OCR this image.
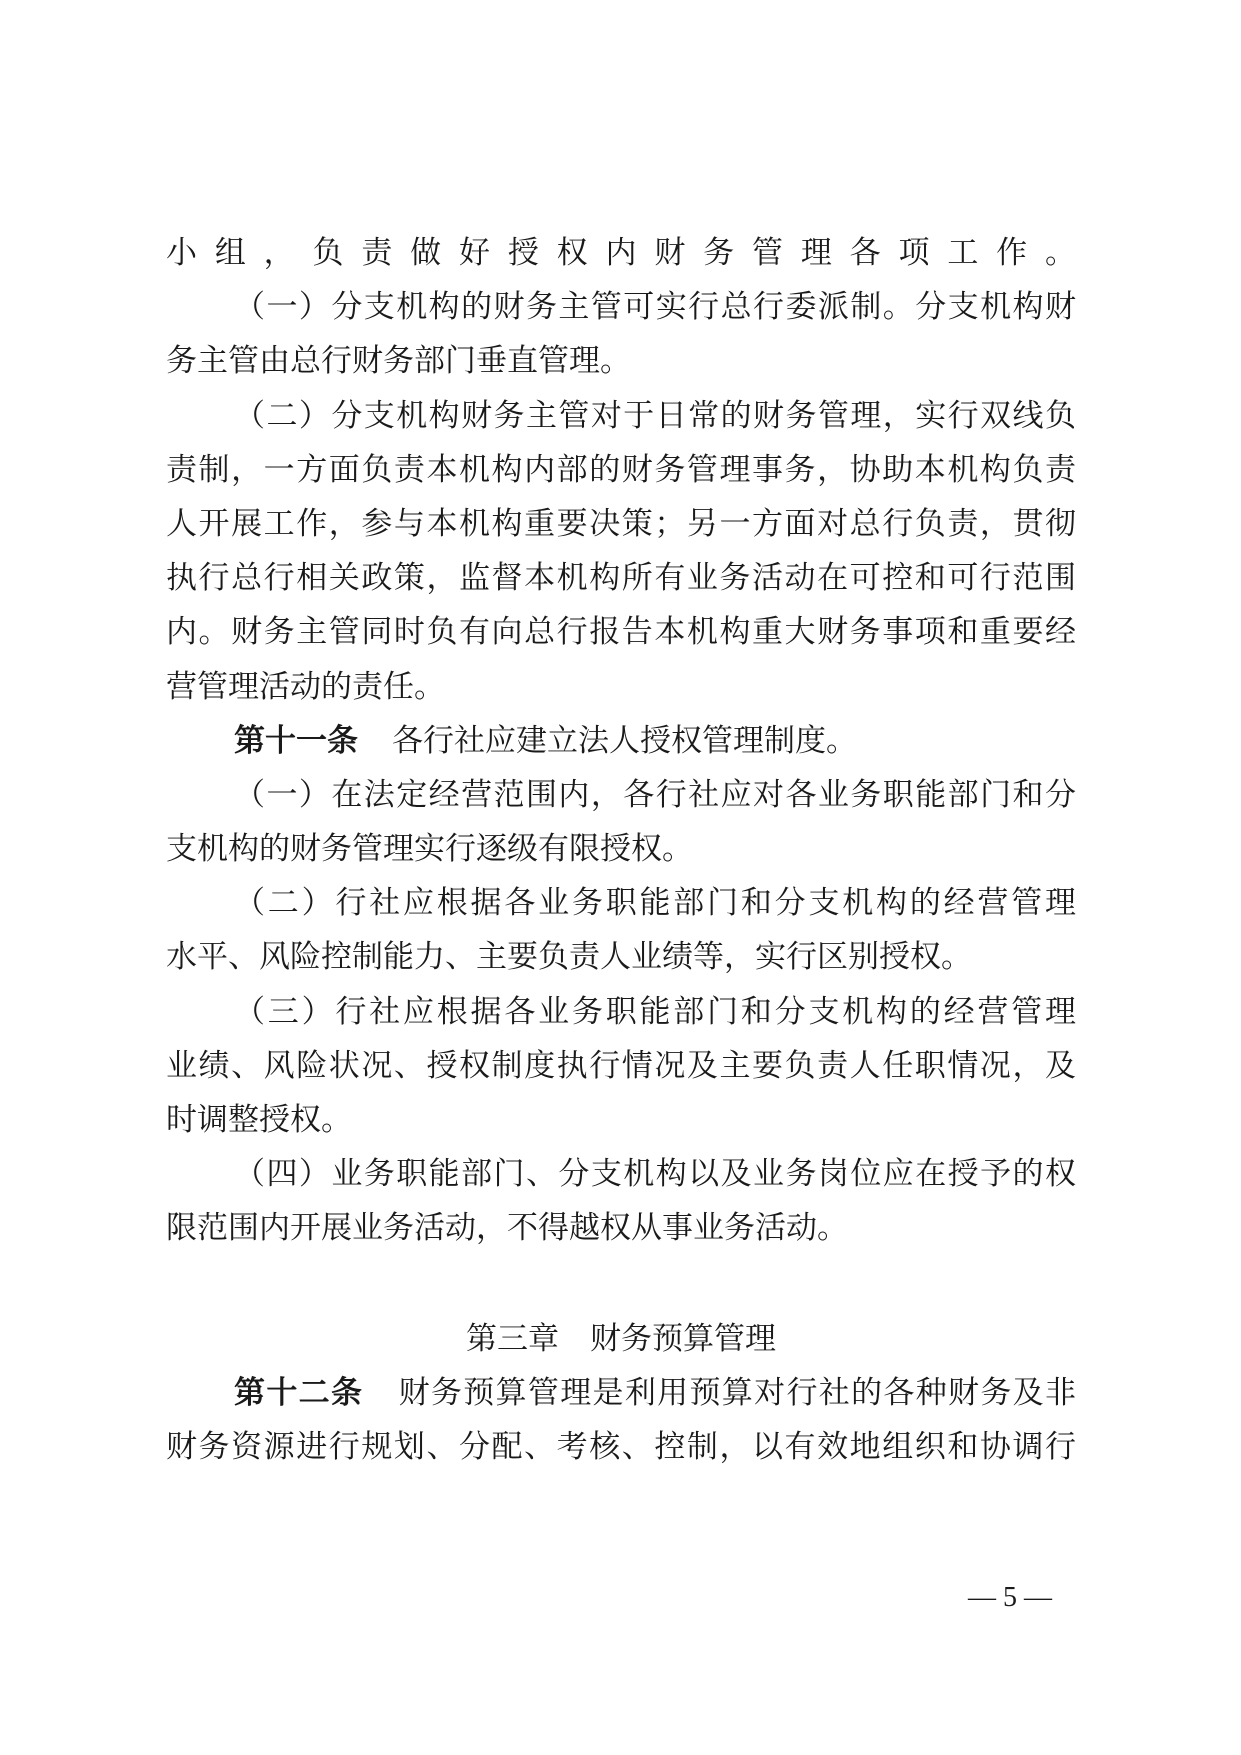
小组，负责做好授权内财务管理各项工作。
（一）分支机构的财务主管可实行总行委派制。分支机构财
务主管由总行财务部门垂直管理。
（二）分支机构财务主管对于日常的财务管理，实行双线负
责制，一方面负责本机构内部的财务管理事务，协助本机构负责
人开展工作，参与本机构重要决策；另一方面对总行负责，贯彻
执行总行相关政策，监督本机构所有业务活动在可控和可行范围
内。财务主管同时负有向总行报告本机构重大财务事项和重要经
营管理活动的责任。
第十一条 各行社应建立法人授权管理制度。
（一）在法定经营范围内，各行社应对各业务职能部门和分
支机构的财务管理实行逐级有限授权。
（二）行社应根据各业务职能部门和分支机构的经营管理
水平、风险控制能力、主要负责人业绩等，实行区别授权。
（三）行社应根据各业务职能部门和分支机构的经营管理
业绩、风险状况、授权制度执行情况及主要负责人任职情况，及
时调整授权。
（四）业务职能部门、分支机构以及业务岗位应在授予的权
限范围内开展业务活动，不得越权从事业务活动。
第三章　财务预算管理
第十二条 财务预算管理是利用预算对行社的各种财务及非
财务资源进行规划、分配、考核、控制，以有效地组织和协调行
— 5 —
